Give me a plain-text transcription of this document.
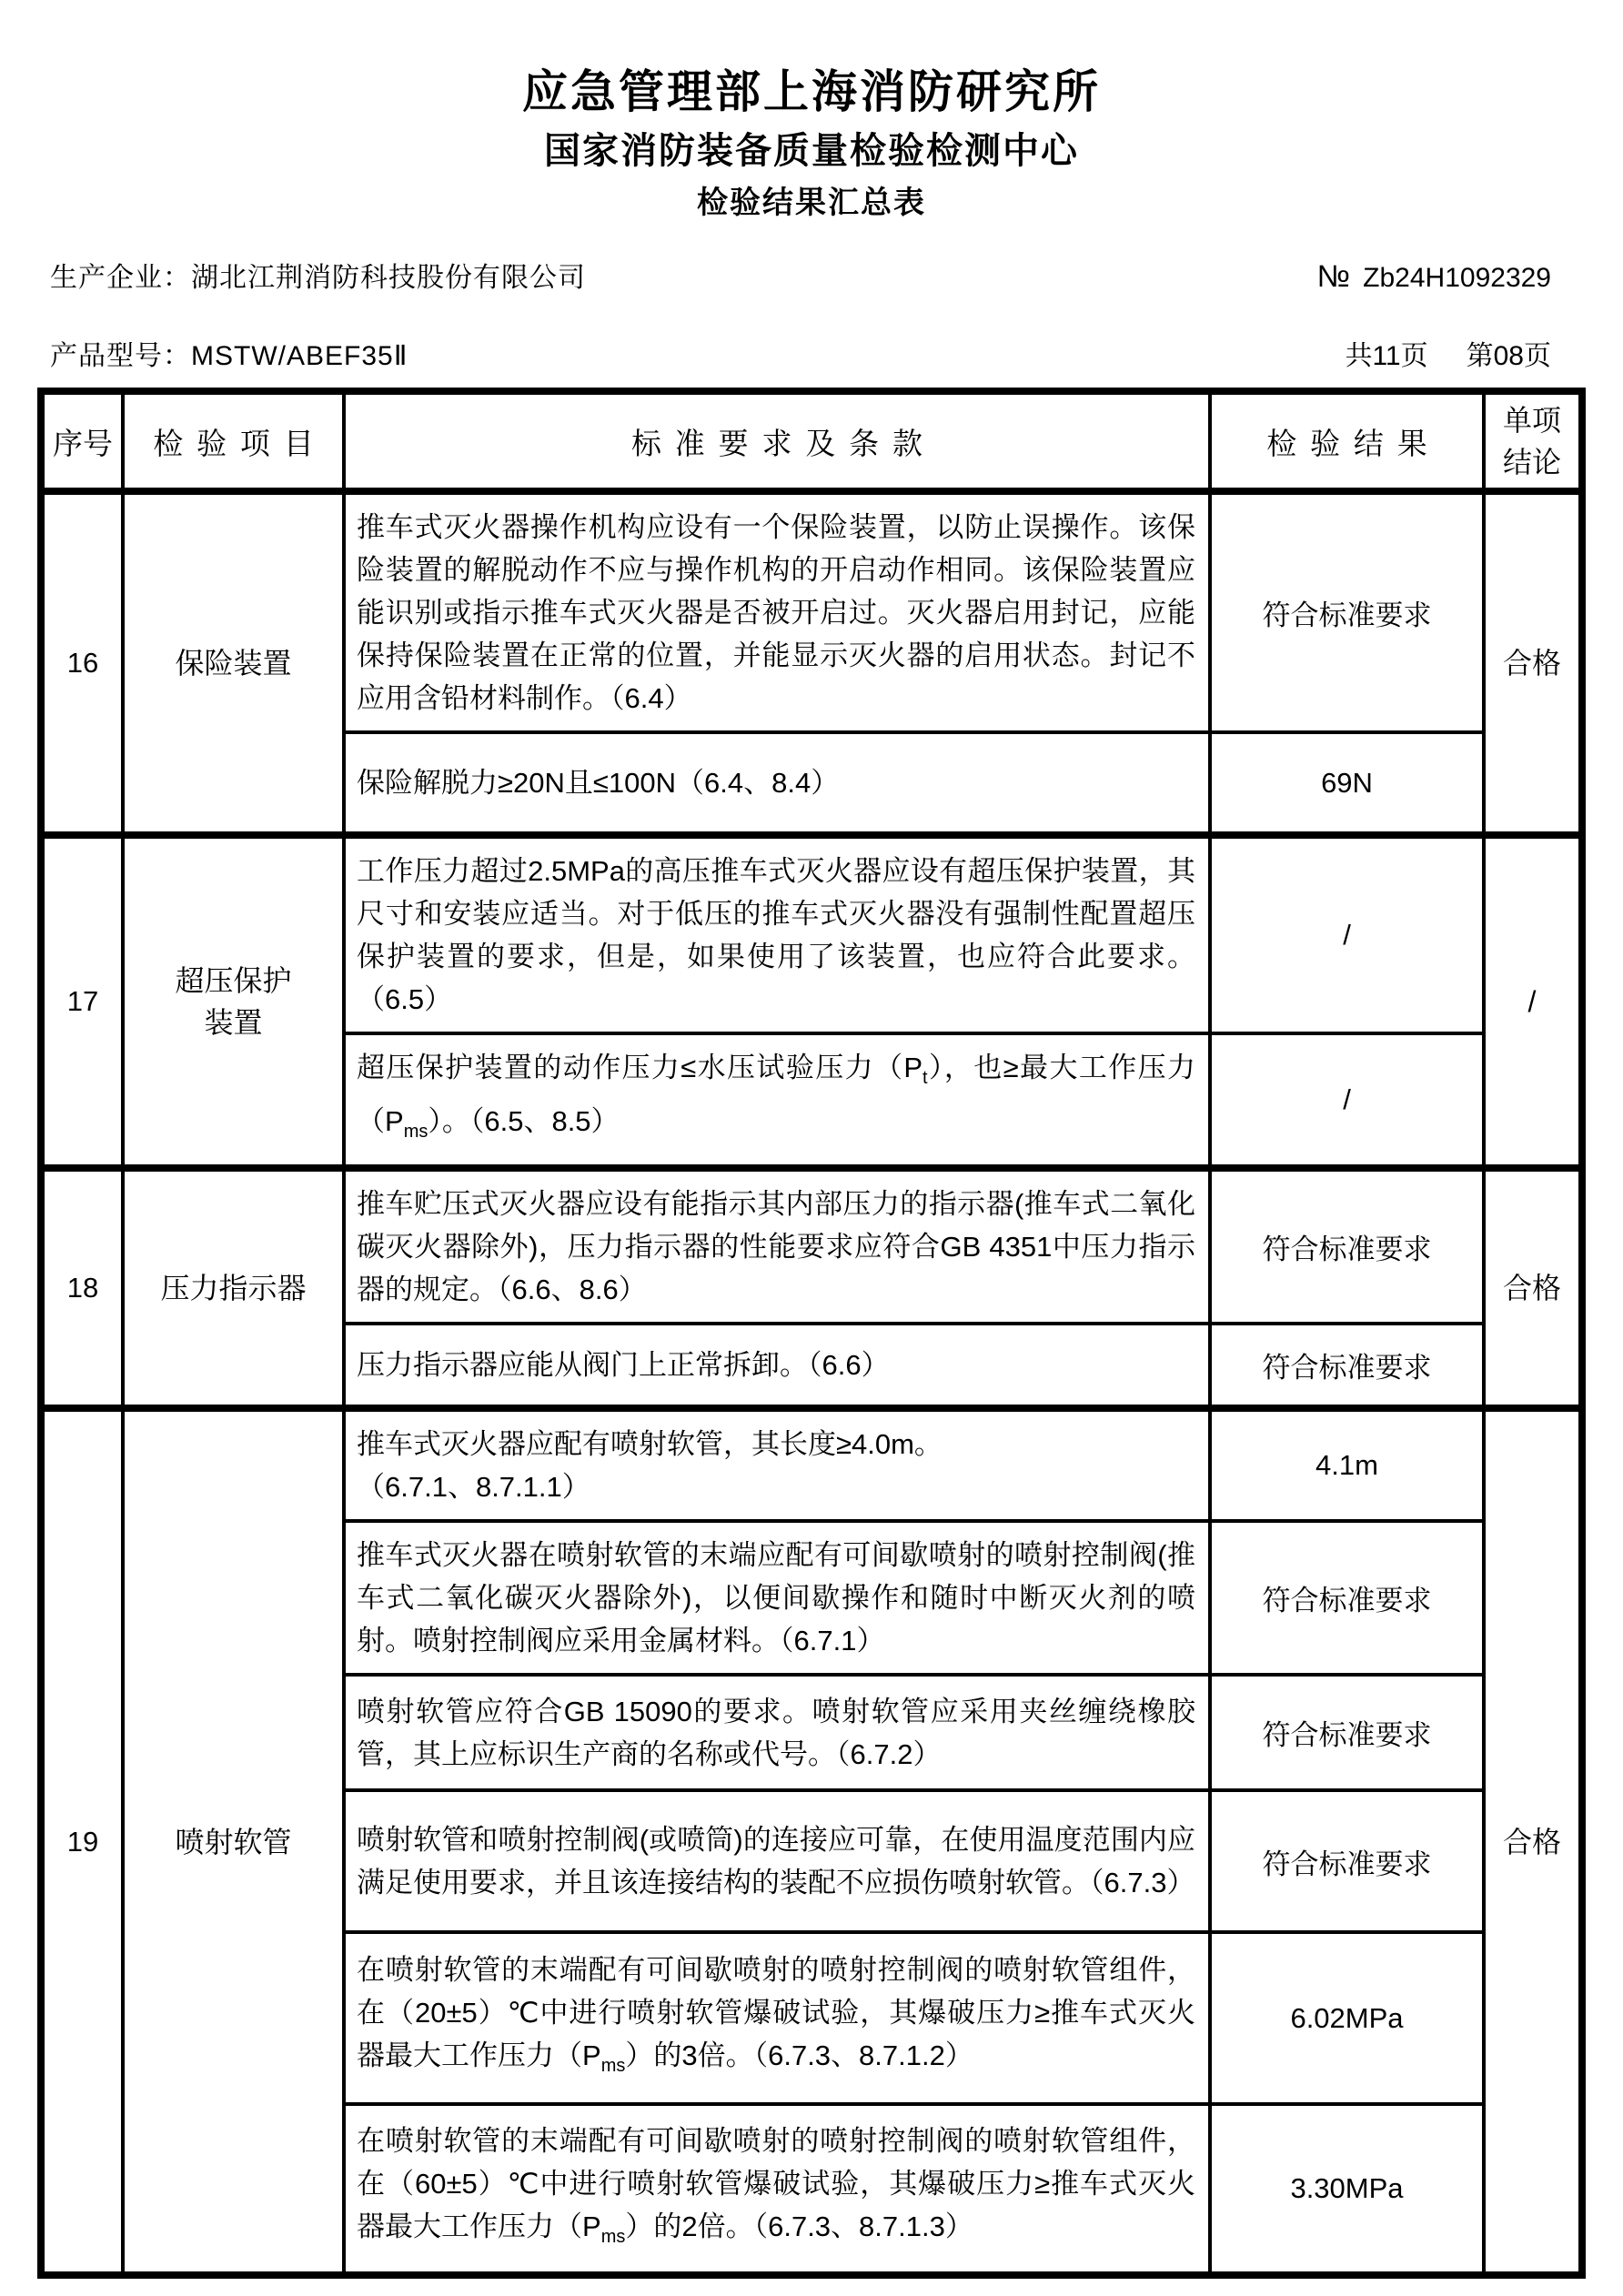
应急管理部上海消防研究所
国家消防装备质量检验检测中心
检验结果汇总表
生产企业：湖北江荆消防科技股份有限公司	№ Zb24H1092329
产品型号：MSTW/ABEF35Ⅱ	共11页 第08页
序号	检验项目	标准要求及条款	检验结果	单项
结论
16	保险装置	推车式灭火器操作机构应设有一个保险装置，以防止误操作。该保险装置的解脱动作不应与操作机构的开启动作相同。该保险装置应能识别或指示推车式灭火器是否被开启过。灭火器启用封记，应能保持保险装置在正常的位置，并能显示灭火器的启用状态。封记不应用含铅材料制作。（6.4）	符合标准要求	合格
		保险解脱力≥20N且≤100N（6.4、8.4）	69N	
17	超压保护
装置	工作压力超过2.5MPa的高压推车式灭火器应设有超压保护装置，其尺寸和安装应适当。对于低压的推车式灭火器没有强制性配置超压保护装置的要求，但是，如果使用了该装置，也应符合此要求。（6.5）	/	/
		超压保护装置的动作压力≤水压试验压力$(P_t)$，也≥最大工作压力$(P_{ms})$。（6.5、8.5）	/	
18	压力指示器	推车贮压式灭火器应设有能指示其内部压力的指示器(推车式二氧化碳灭火器除外)，压力指示器的性能要求应符合GB 4351中压力指示器的规定。（6.6、8.6）	符合标准要求	合格
		压力指示器应能从阀门上正常拆卸。（6.6）	符合标准要求	
19	喷射软管	推车式灭火器应配有喷射软管，其长度≥4.0m。
（6.7.1、8.7.1.1）	4.1m	合格
		推车式灭火器在喷射软管的末端应配有可间歇喷射的喷射控制阀(推车式二氧化碳灭火器除外)，以便间歇操作和随时中断灭火剂的喷射。喷射控制阀应采用金属材料。（6.7.1）	符合标准要求	
		喷射软管应符合GB 15090的要求。喷射软管应采用夹丝缠绕橡胶管，其上应标识生产商的名称或代号。（6.7.2）	符合标准要求	
		喷射软管和喷射控制阀(或喷筒)的连接应可靠，在使用温度范围内应满足使用要求，并且该连接结构的装配不应损伤喷射软管。（6.7.3）	符合标准要求	
		在喷射软管的末端配有可间歇喷射的喷射控制阀的喷射软管组件，在（20±5）℃中进行喷射软管爆破试验，其爆破压力≥推车式灭火器最大工作压力$(P_{ms})$的3倍。（6.7.3、8.7.1.2）	6.02MPa	
		在喷射软管的末端配有可间歇喷射的喷射控制阀的喷射软管组件，在（60±5）℃中进行喷射软管爆破试验，其爆破压力≥推车式灭火器最大工作压力$(P_{ms})$的2倍。（6.7.3、8.7.1.3）	3.30MPa	
